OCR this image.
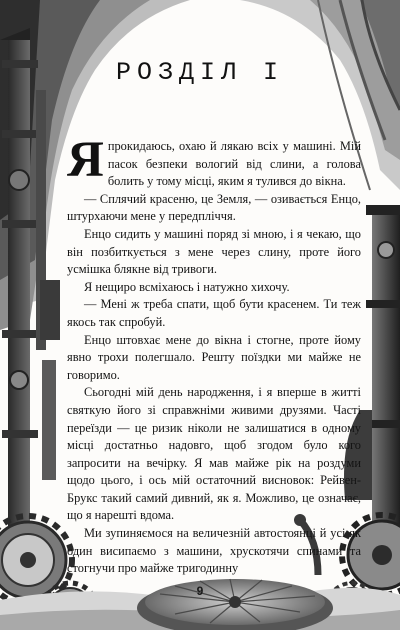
РОЗДІЛ І

Япрокидаюсь, охаю й лякаю всіх у машині. Мій пасок безпеки вологий від слини, а голова болить у тому місці, яким я тулився до вікна.

— Сплячий красеню, це Земля, — озивається Енцо, штурхаючи мене у передпліччя.

Енцо сидить у машині поряд зі мною, і я чекаю, що він позбиткується з мене через слину, проте його усмішка блякне від тривоги.

Я нещиро всміхаюсь і натужно хихочу.

— Мені ж треба спати, щоб бути красенем. Ти теж якось так спробуй.

Енцо штовхає мене до вікна і стогне, проте йому явно трохи полегшало. Решту поїздки ми майже не говоримо.

Сьогодні мій день народження, і я вперше в житті святкую його зі справжніми живими друзями. Часті переїзди — це ризик ніколи не залишатися в одному місці достатньо надовго, щоб згодом було кого запросити на вечірку. Я мав майже рік на роздуми щодо цього, і ось мій остаточний висновок: Рейвен-Брукс такий самий дивний, як я. Можливо, це означає, що я нарешті вдома.

Ми зупиняємося на величезній автостоянці й усі як один висипаємо з машини, хрускотячи спинами та стогнучи про майже тригодинну

9
